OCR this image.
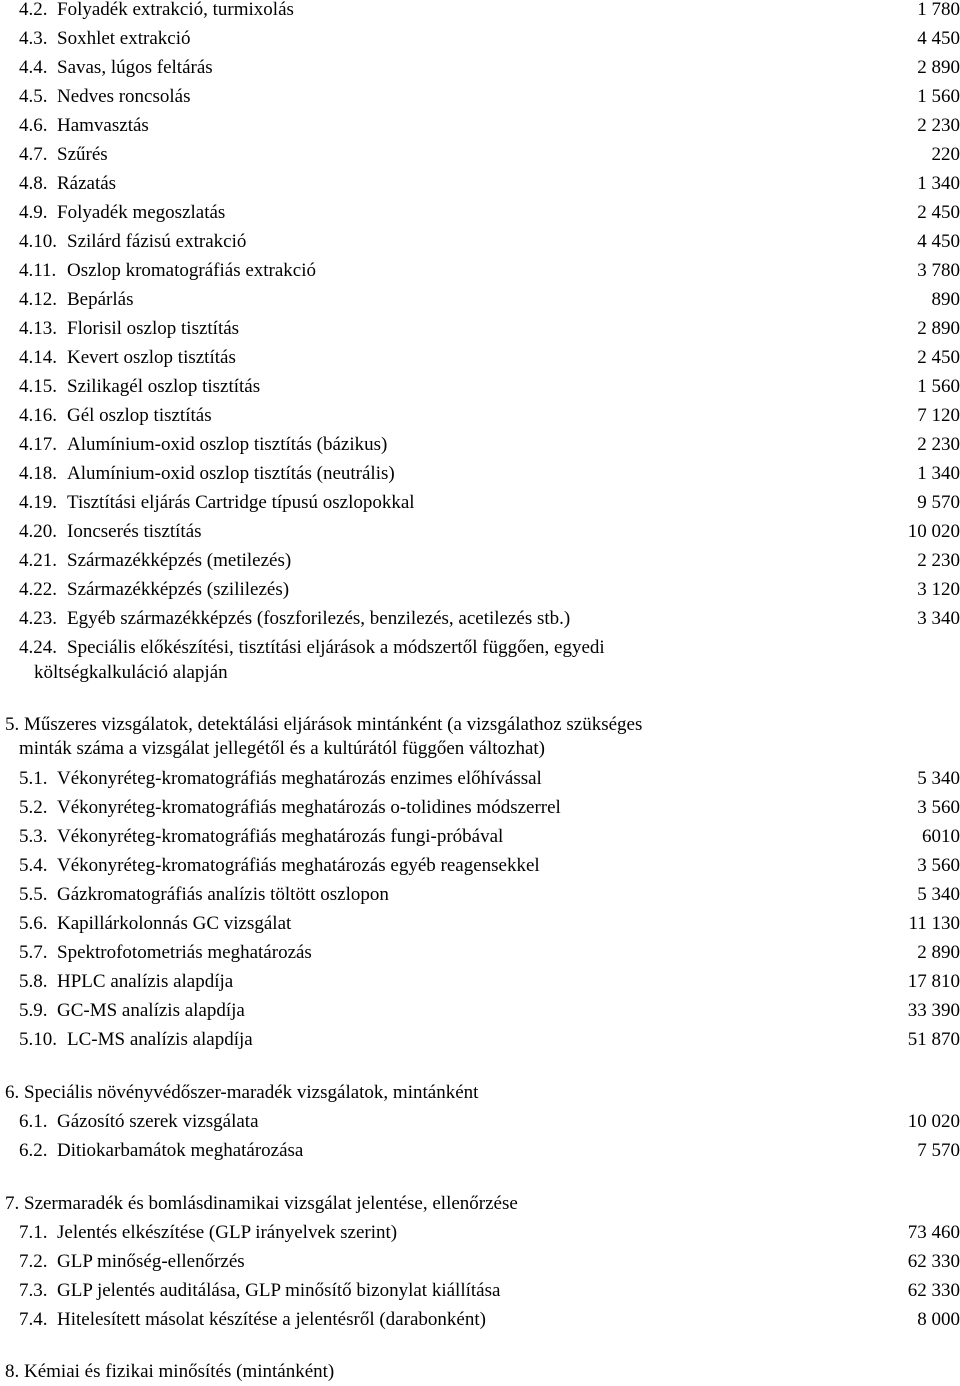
4.2. Folyadék extrakció, turmixolás	1 780
4.3. Soxhlet extrakció	4 450
4.4. Savas, lúgos feltárás	2 890
4.5. Nedves roncsolás	1 560
4.6. Hamvasztás	2 230
4.7. Szűrés	220
4.8. Rázatás	1 340
4.9. Folyadék megoszlatás	2 450
4.10. Szilárd fázisú extrakció	4 450
4.11. Oszlop kromatográfiás extrakció	3 780
4.12. Bepárlás	890
4.13. Florisil oszlop tisztítás	2 890
4.14. Kevert oszlop tisztítás	2 450
4.15. Szilikagél oszlop tisztítás	1 560
4.16. Gél oszlop tisztítás	7 120
4.17. Alumínium-oxid oszlop tisztítás (bázikus)	2 230
4.18. Alumínium-oxid oszlop tisztítás (neutrális)	1 340
4.19. Tisztítási eljárás Cartridge típusú oszlopokkal	9 570
4.20. Ioncserés tisztítás	10 020
4.21. Származékképzés (metilezés)	2 230
4.22. Származékképzés (szililezés)	3 120
4.23. Egyéb származékképzés (foszforilezés, benzilezés, acetilezés stb.)	3 340
4.24. Speciális előkészítési, tisztítási eljárások a módszertől függően, egyedi
költségkalkuláció alapján
5. Műszeres vizsgálatok, detektálási eljárások mintánként (a vizsgálathoz szükséges
minták száma a vizsgálat jellegétől és a kultúrától függően változhat)
5.1. Vékonyréteg-kromatográfiás meghatározás enzimes előhívással	5 340
5.2. Vékonyréteg-kromatográfiás meghatározás o-tolidines módszerrel	3 560
5.3. Vékonyréteg-kromatográfiás meghatározás fungi-próbával	6010
5.4. Vékonyréteg-kromatográfiás meghatározás egyéb reagensekkel	3 560
5.5. Gázkromatográfiás analízis töltött oszlopon	5 340
5.6. Kapillárkolonnás GC vizsgálat	11 130
5.7. Spektrofotometriás meghatározás	2 890
5.8. HPLC analízis alapdíja	17 810
5.9. GC-MS analízis alapdíja	33 390
5.10. LC-MS analízis alapdíja	51 870
6. Speciális növényvédőszer-maradék vizsgálatok, mintánként
6.1. Gázosító szerek vizsgálata	10 020
6.2. Ditiokarbamátok meghatározása	7 570
7. Szermaradék és bomlásdinamikai vizsgálat jelentése, ellenőrzése
7.1. Jelentés elkészítése (GLP irányelvek szerint)	73 460
7.2. GLP minőség-ellenőrzés	62 330
7.3. GLP jelentés auditálása, GLP minősítő bizonylat kiállítása	62 330
7.4. Hitelesített másolat készítése a jelentésről (darabonként)	8 000
8. Kémiai és fizikai minősítés (mintánként)
